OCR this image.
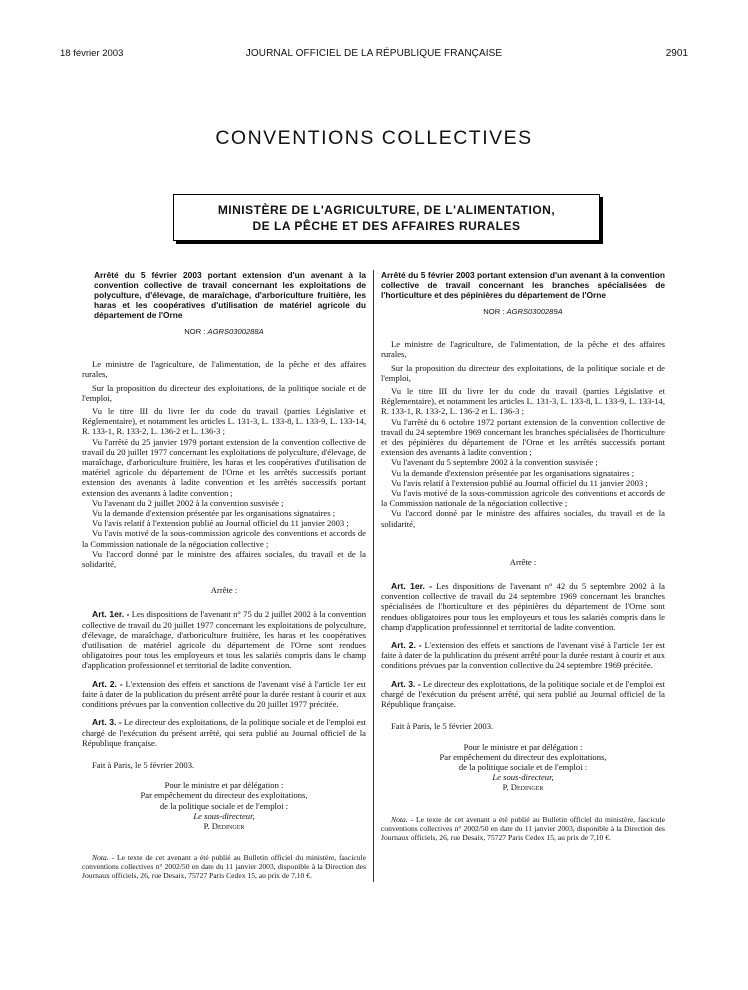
18 février 2003	JOURNAL OFFICIEL DE LA RÉPUBLIQUE FRANÇAISE	2901
CONVENTIONS COLLECTIVES
MINISTÈRE DE L'AGRICULTURE, DE L'ALIMENTATION,
DE LA PÊCHE ET DES AFFAIRES RURALES
Arrêté du 5 février 2003 portant extension d'un avenant à la convention collective de travail concernant les exploitations de polyculture, d'élevage, de maraîchage, d'arboriculture fruitière, les haras et les coopératives d'utilisation de matériel agricole du département de l'Orne
NOR : AGRS0300288A

Le ministre de l'agriculture, de l'alimentation, de la pêche et des affaires rurales,

Sur la proposition du directeur des exploitations, de la politique sociale et de l'emploi,

Vu le titre III du livre Ier du code du travail (parties Législative et Réglementaire), et notamment les articles L. 131-3, L. 133-8, L. 133-9, L. 133-14, R. 133-1, R. 133-2, L. 136-2 et L. 136-3 ;

Vu l'arrêté du 25 janvier 1979 portant extension de la convention collective de travail du 20 juillet 1977 concernant les exploitations de polyculture, d'élevage, de maraîchage, d'arboriculture fruitière, les haras et les coopératives d'utilisation de matériel agricole du département de l'Orne et les arrêtés successifs portant extension des avenants à ladite convention et les arrêtés successifs portant extension des avenants à ladite convention ;

Vu l'avenant du 2 juillet 2002 à la convention susvisée ;

Vu la demande d'extension présentée par les organisations signataires ;

Vu l'avis relatif à l'extension publié au Journal officiel du 11 janvier 2003 ;

Vu l'avis motivé de la sous-commission agricole des conventions et accords de la Commission nationale de la négociation collective ;

Vu l'accord donné par le ministre des affaires sociales, du travail et de la solidarité,

Arrête :

Art. 1er. - Les dispositions de l'avenant n° 75 du 2 juillet 2002 à la convention collective de travail du 20 juillet 1977 concernant les exploitations de polyculture, d'élevage, de maraîchage, d'arboriculture fruitière, les haras et les coopératives d'utilisation de matériel agricole du département de l'Orne sont rendues obligatoires pour tous les employeurs et tous les salariés compris dans le champ d'application professionnel et territorial de ladite convention.

Art. 2. - L'extension des effets et sanctions de l'avenant visé à l'article 1er est faite à dater de la publication du présent arrêté pour la durée restant à courir et aux conditions prévues par la convention collective du 20 juillet 1977 précitée.

Art. 3. - Le directeur des exploitations, de la politique sociale et de l'emploi est chargé de l'exécution du présent arrêté, qui sera publié au Journal officiel de la République française.

Fait à Paris, le 5 février 2003.

Pour le ministre et par délégation :
Par empêchement du directeur des exploitations,
de la politique sociale et de l'emploi :
Le sous-directeur,
P. Dedinger

Nota. - Le texte de cet avenant a été publié au Bulletin officiel du ministère, fascicule conventions collectives n° 2002/50 en date du 11 janvier 2003, disponible à la Direction des Journaux officiels, 26, rue Desaix, 75727 Paris Cedex 15, au prix de 7,10 €.

Arrêté du 5 février 2003 portant extension d'un avenant à la convention collective de travail concernant les branches spécialisées de l'horticulture et des pépinières du département de l'Orne
NOR : AGRS0300289A

Le ministre de l'agriculture, de l'alimentation, de la pêche et des affaires rurales,

Sur la proposition du directeur des exploitations, de la politique sociale et de l'emploi,

Vu le titre III du livre Ier du code du travail (parties Législative et Réglementaire), et notamment les articles L. 131-3, L. 133-8, L. 133-9, L. 133-14, R. 133-1, R. 133-2, L. 136-2 et L. 136-3 ;

Vu l'arrêté du 6 octobre 1972 portant extension de la convention collective de travail du 24 septembre 1969 concernant les branches spécialisées de l'horticulture et des pépinières du département de l'Orne et les arrêtés successifs portant extension des avenants à ladite convention ;

Vu l'avenant du 5 septembre 2002 à la convention susvisée ;

Vu la demande d'extension présentée par les organisations signataires ;

Vu l'avis relatif à l'extension publié au Journal officiel du 11 janvier 2003 ;

Vu l'avis motivé de la sous-commission agricole des conventions et accords de la Commission nationale de la négociation collective ;

Vu l'accord donné par le ministre des affaires sociales, du travail et de la solidarité,

Arrête :

Art. 1er. - Les dispositions de l'avenant n° 42 du 5 septembre 2002 à la convention collective de travail du 24 septembre 1969 concernant les branches spécialisées de l'horticulture et des pépinières du département de l'Orne sont rendues obligatoires pour tous les employeurs et tous les salariés compris dans le champ d'application professionnel et territorial de ladite convention.

Art. 2. - L'extension des effets et sanctions de l'avenant visé à l'article 1er est faite à dater de la publication du présent arrêté pour la durée restant à courir et aux conditions prévues par la convention collective du 24 septembre 1969 précitée.

Art. 3. - Le directeur des exploitations, de la politique sociale et de l'emploi est chargé de l'exécution du présent arrêté, qui sera publié au Journal officiel de la République française.

Fait à Paris, le 5 février 2003.

Pour le ministre et par délégation :
Par empêchement du directeur des exploitations,
de la politique sociale et de l'emploi :
Le sous-directeur,
P. Dedinger

Nota. - Le texte de cet avenant a été publié au Bulletin officiel du ministère, fascicule conventions collectives n° 2002/50 en date du 11 janvier 2003, disponible à la Direction des Journaux officiels, 26, rue Desaix, 75727 Paris Cedex 15, au prix de 7,10 €.
